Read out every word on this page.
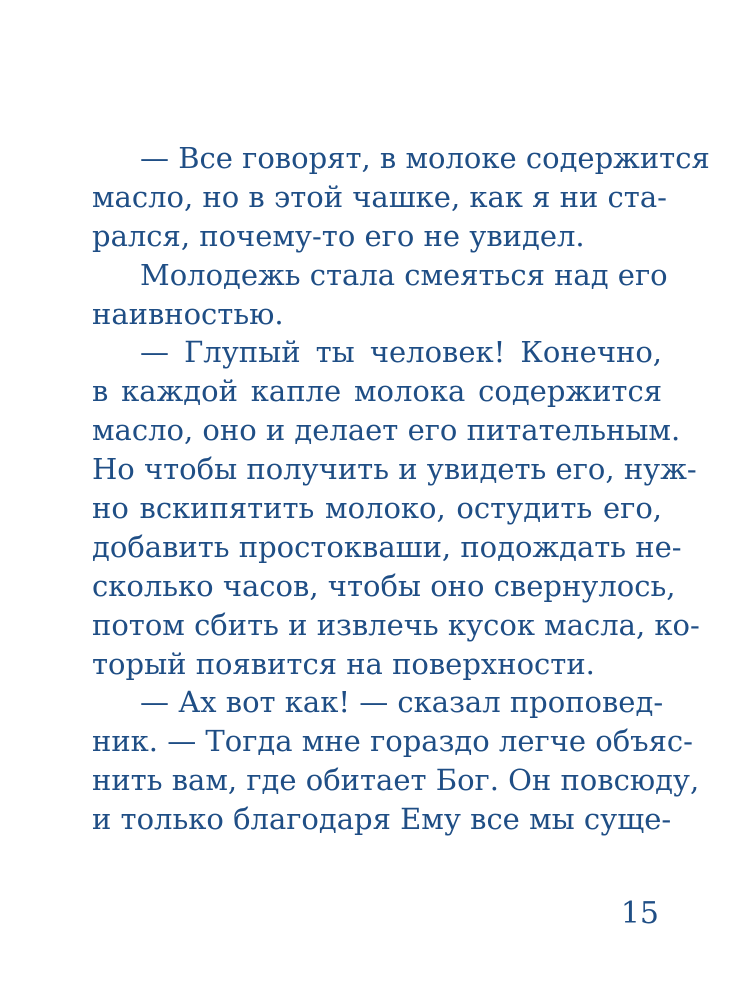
— Все говорят, в молоке содержится
масло, но в этой чашке, как я ни ста-
рался, почему-то его не увидел.
Молодежь стала смеяться над его
наивностью.
— Глупый ты человек! Конечно,
в каждой капле молока содержится
масло, оно и делает его питательным.
Но чтобы получить и увидеть его, нуж-
но вскипятить молоко, остудить его,
добавить простокваши, подождать не-
сколько часов, чтобы оно свернулось,
потом сбить и извлечь кусок масла, ко-
торый появится на поверхности.
— Ах вот как! — сказал проповед-
ник. — Тогда мне гораздо легче объяс-
нить вам, где обитает Бог. Он повсюду,
и только благодаря Ему все мы суще-
15
